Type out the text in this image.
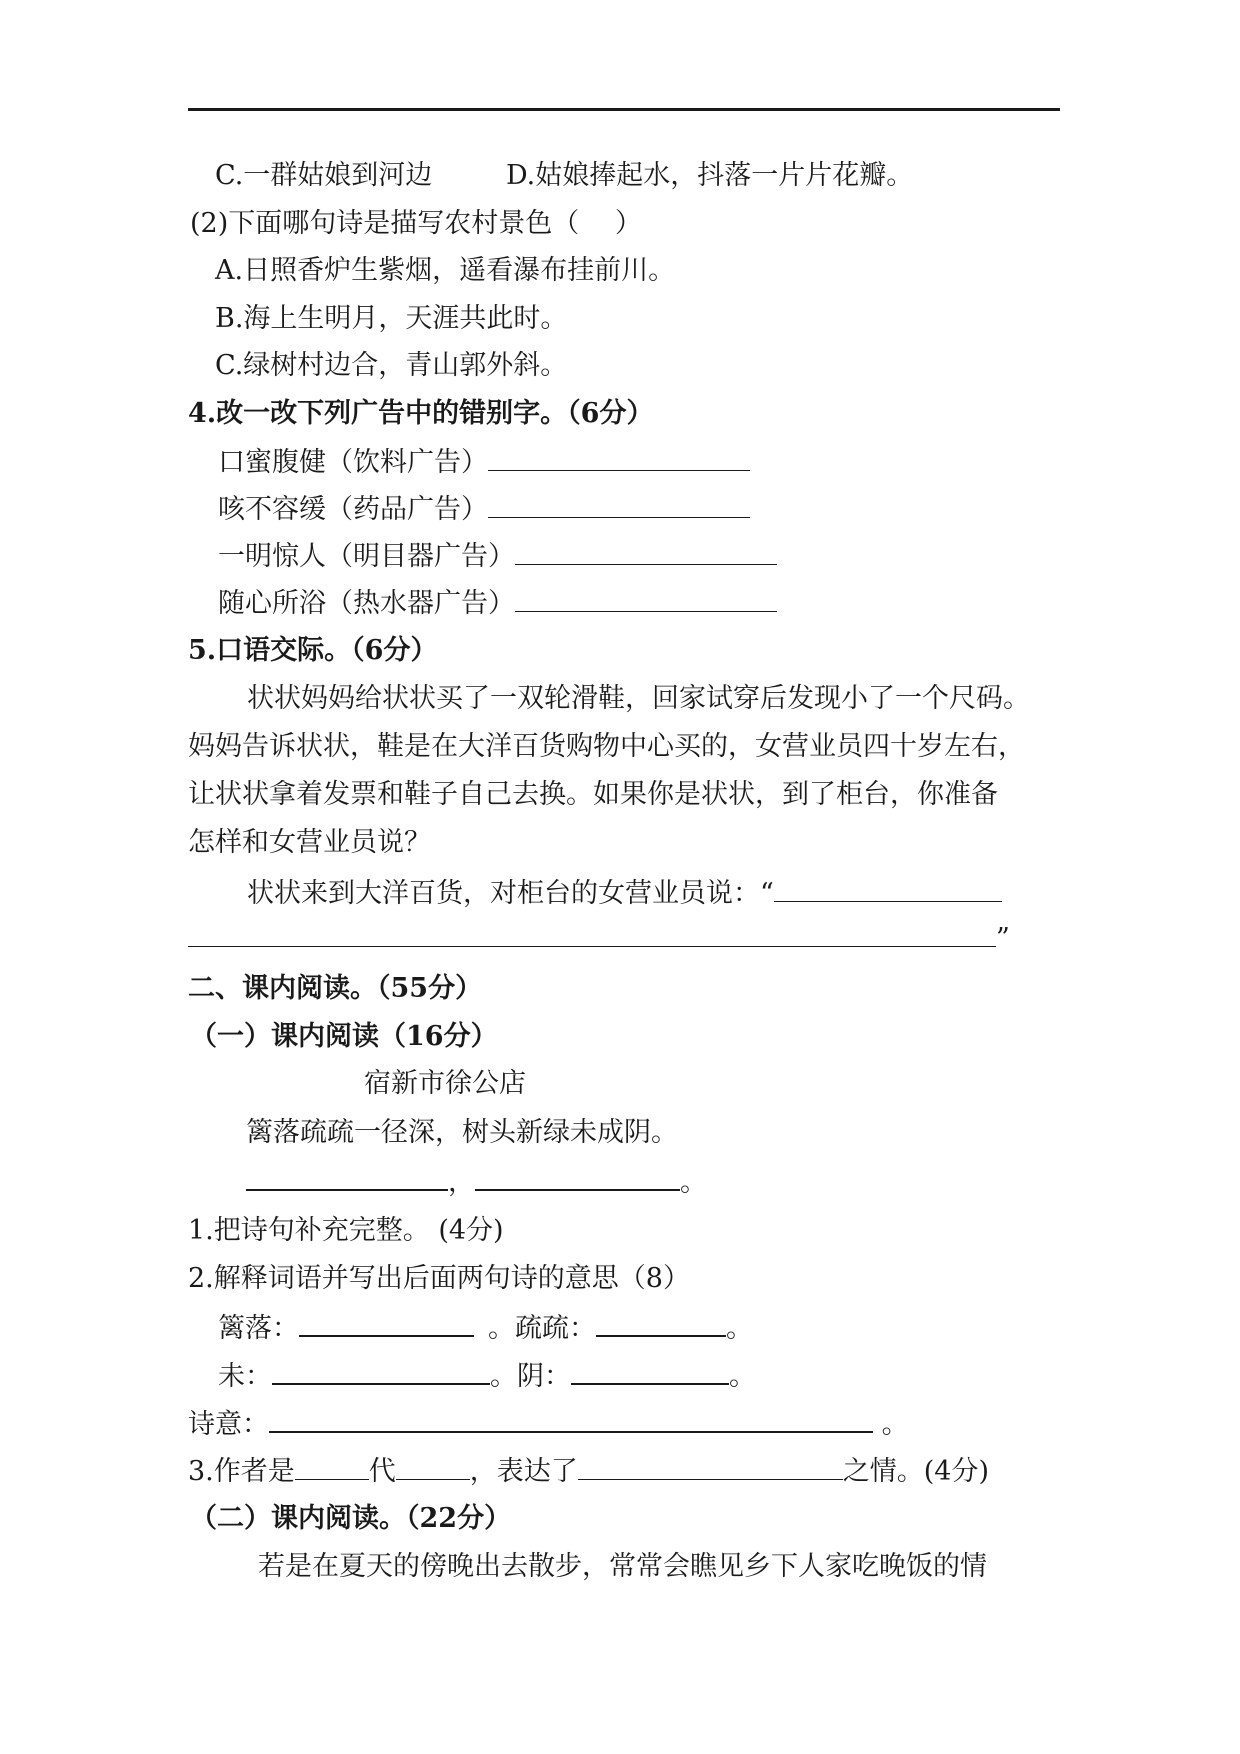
C.一群姑娘到河边	D.姑娘捧起水，抖落一片片花瓣。
(2)下面哪句诗是描写农村景色（　 ）
A.日照香炉生紫烟，遥看瀑布挂前川。
B.海上生明月，天涯共此时。
C.绿树村边合，青山郭外斜。
4.改一改下列广告中的错别字。（6分）
口蜜腹健（饮料广告）
咳不容缓（药品广告）
一明惊人（明目器广告）
随心所浴（热水器广告）
5.口语交际。（6分）
状状妈妈给状状买了一双轮滑鞋，回家试穿后发现小了一个尺码。
妈妈告诉状状，鞋是在大洋百货购物中心买的，女营业员四十岁左右，
让状状拿着发票和鞋子自己去换。如果你是状状，到了柜台，你准备
怎样和女营业员说？
状状来到大洋百货，对柜台的女营业员说：“
”
二、课内阅读。（55分）
（一）课内阅读（16分）
宿新市徐公店
篱落疏疏一径深，树头新绿未成阴。
，	。
1.把诗句补充完整。 (4分)
2.解释词语并写出后面两句诗的意思（8）
篱落：	。疏疏：	。
未：	。阴：	。
诗意：	。
3.作者是	代	，表达了	之情。(4分)
（二）课内阅读。（22分）
若是在夏天的傍晚出去散步，常常会瞧见乡下人家吃晚饭的情
